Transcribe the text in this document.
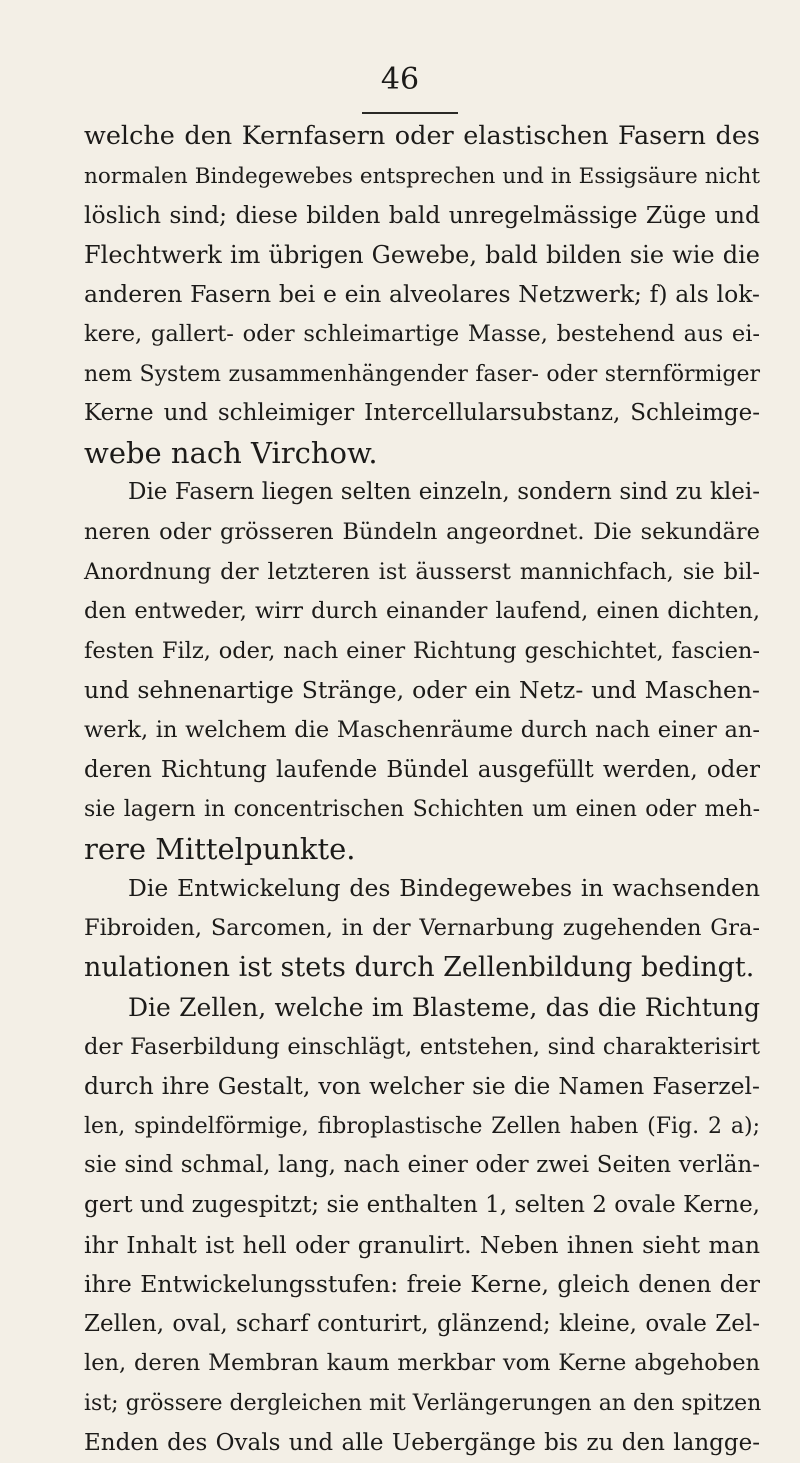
46
welche den Kernfasern oder elastischen Fasern des
normalen Bindegewebes entsprechen und in Essigsäure nicht
löslich sind; diese bilden bald unregelmässige Züge und
Flechtwerk im übrigen Gewebe, bald bilden sie wie die
anderen Fasern bei e ein alveolares Netzwerk; f) als lok-
kere, gallert- oder schleimartige Masse, bestehend aus ei-
nem System zusammenhängender faser- oder sternförmiger
Kerne und schleimiger Intercellularsubstanz, Schleimge-
webe nach Virchow.
Die Fasern liegen selten einzeln, sondern sind zu klei-
neren oder grösseren Bündeln angeordnet. Die sekundäre
Anordnung der letzteren ist äusserst mannichfach, sie bil-
den entweder, wirr durch einander laufend, einen dichten,
festen Filz, oder, nach einer Richtung geschichtet, fascien-
und sehnenartige Stränge, oder ein Netz- und Maschen-
werk, in welchem die Maschenräume durch nach einer an-
deren Richtung laufende Bündel ausgefüllt werden, oder
sie lagern in concentrischen Schichten um einen oder meh-
rere Mittelpunkte.
Die Entwickelung des Bindegewebes in wachsenden
Fibroiden, Sarcomen, in der Vernarbung zugehenden Gra-
nulationen ist stets durch Zellenbildung bedingt.
Die Zellen, welche im Blasteme, das die Richtung
der Faserbildung einschlägt, entstehen, sind charakterisirt
durch ihre Gestalt, von welcher sie die Namen Faserzel-
len, spindelförmige, fibroplastische Zellen haben (Fig. 2 a);
sie sind schmal, lang, nach einer oder zwei Seiten verlän-
gert und zugespitzt; sie enthalten 1, selten 2 ovale Kerne,
ihr Inhalt ist hell oder granulirt. Neben ihnen sieht man
ihre Entwickelungsstufen: freie Kerne, gleich denen der
Zellen, oval, scharf conturirt, glänzend; kleine, ovale Zel-
len, deren Membran kaum merkbar vom Kerne abgehoben
ist; grössere dergleichen mit Verlängerungen an den spitzen
Enden des Ovals und alle Uebergänge bis zu den langge-
